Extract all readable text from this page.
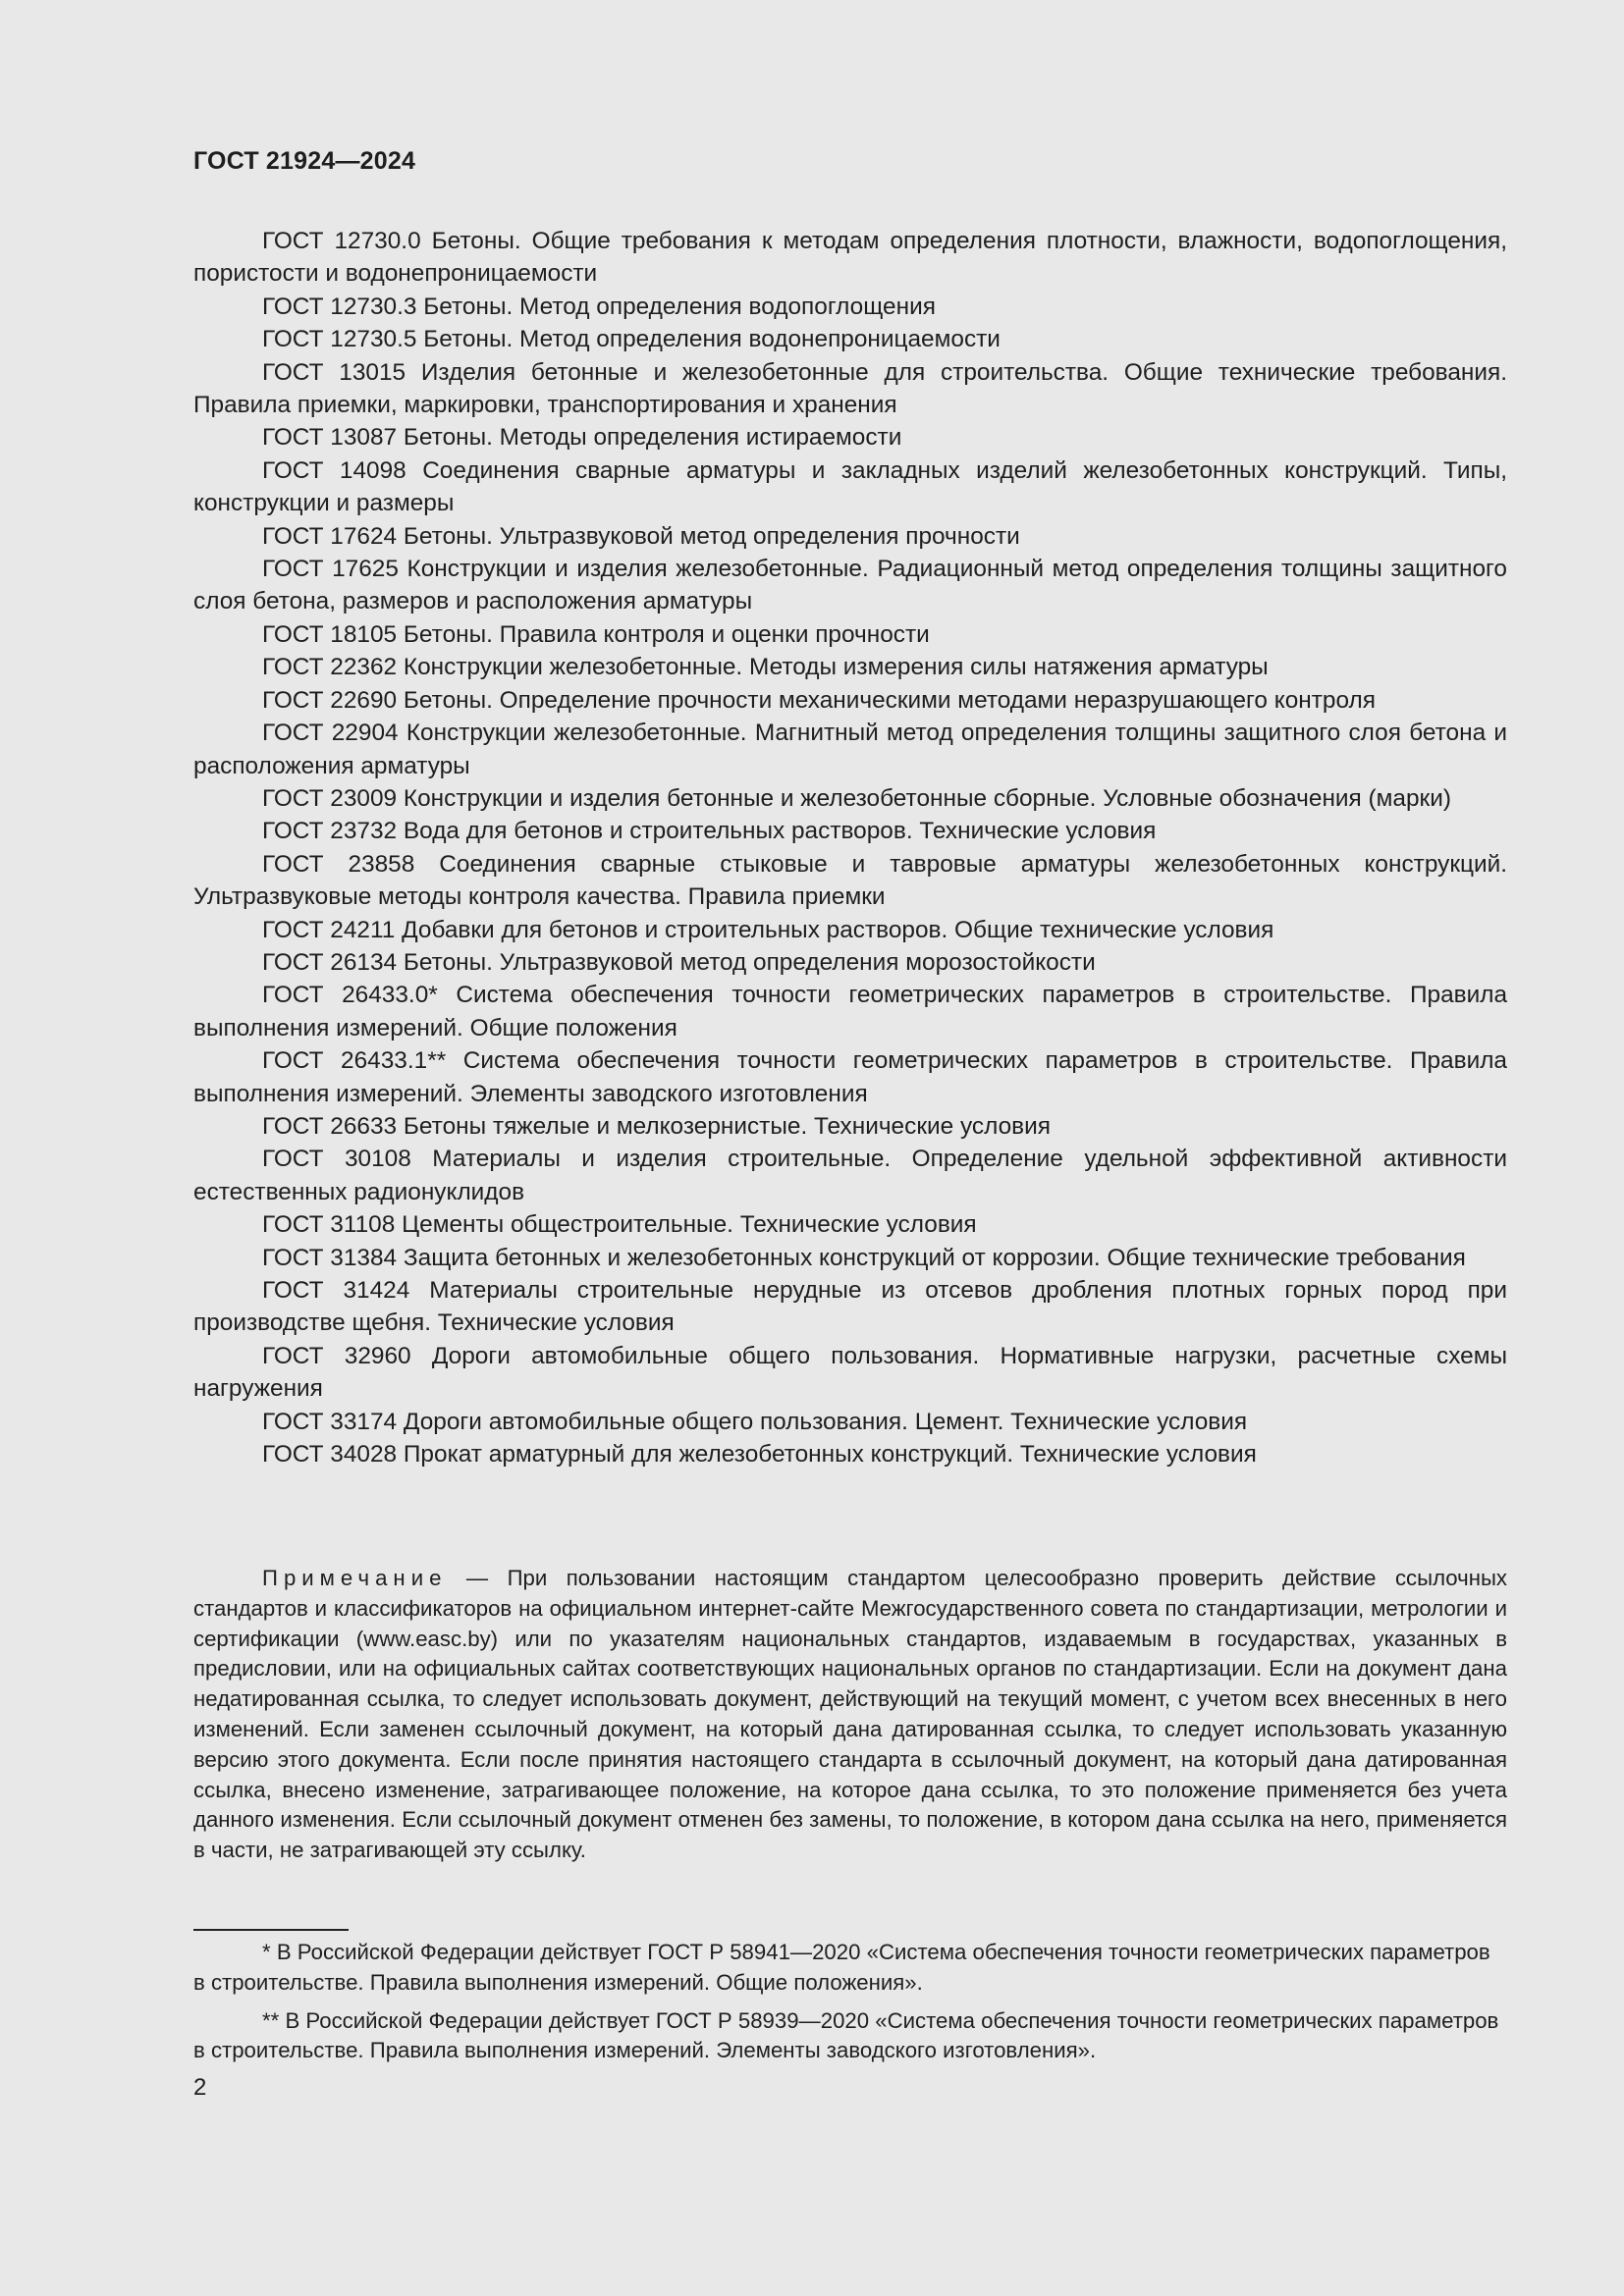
ГОСТ 21924—2024
ГОСТ 12730.0 Бетоны. Общие требования к методам определения плотности, влажности, водопоглощения, пористости и водонепроницаемости
ГОСТ 12730.3 Бетоны. Метод определения водопоглощения
ГОСТ 12730.5 Бетоны. Метод определения водонепроницаемости
ГОСТ 13015 Изделия бетонные и железобетонные для строительства. Общие технические требования. Правила приемки, маркировки, транспортирования и хранения
ГОСТ 13087 Бетоны. Методы определения истираемости
ГОСТ 14098 Соединения сварные арматуры и закладных изделий железобетонных конструкций. Типы, конструкции и размеры
ГОСТ 17624 Бетоны. Ультразвуковой метод определения прочности
ГОСТ 17625 Конструкции и изделия железобетонные. Радиационный метод определения толщины защитного слоя бетона, размеров и расположения арматуры
ГОСТ 18105 Бетоны. Правила контроля и оценки прочности
ГОСТ 22362 Конструкции железобетонные. Методы измерения силы натяжения арматуры
ГОСТ 22690 Бетоны. Определение прочности механическими методами неразрушающего контроля
ГОСТ 22904 Конструкции железобетонные. Магнитный метод определения толщины защитного слоя бетона и расположения арматуры
ГОСТ 23009 Конструкции и изделия бетонные и железобетонные сборные. Условные обозначения (марки)
ГОСТ 23732 Вода для бетонов и строительных растворов. Технические условия
ГОСТ 23858 Соединения сварные стыковые и тавровые арматуры железобетонных конструкций. Ультразвуковые методы контроля качества. Правила приемки
ГОСТ 24211 Добавки для бетонов и строительных растворов. Общие технические условия
ГОСТ 26134 Бетоны. Ультразвуковой метод определения морозостойкости
ГОСТ 26433.0* Система обеспечения точности геометрических параметров в строительстве. Правила выполнения измерений. Общие положения
ГОСТ 26433.1** Система обеспечения точности геометрических параметров в строительстве. Правила выполнения измерений. Элементы заводского изготовления
ГОСТ 26633 Бетоны тяжелые и мелкозернистые. Технические условия
ГОСТ 30108 Материалы и изделия строительные. Определение удельной эффективной активности естественных радионуклидов
ГОСТ 31108 Цементы общестроительные. Технические условия
ГОСТ 31384 Защита бетонных и железобетонных конструкций от коррозии. Общие технические требования
ГОСТ 31424 Материалы строительные нерудные из отсевов дробления плотных горных пород при производстве щебня. Технические условия
ГОСТ 32960 Дороги автомобильные общего пользования. Нормативные нагрузки, расчетные схемы нагружения
ГОСТ 33174 Дороги автомобильные общего пользования. Цемент. Технические условия
ГОСТ 34028 Прокат арматурный для железобетонных конструкций. Технические условия

Примечание — При пользовании настоящим стандартом целесообразно проверить действие ссылочных стандартов и классификаторов на официальном интернет-сайте Межгосударственного совета по стандартизации, метрологии и сертификации (www.easc.by) или по указателям национальных стандартов, издаваемым в государствах, указанных в предисловии, или на официальных сайтах соответствующих национальных органов по стандартизации. Если на документ дана недатированная ссылка, то следует использовать документ, действующий на текущий момент, с учетом всех внесенных в него изменений. Если заменен ссылочный документ, на который дана датированная ссылка, то следует использовать указанную версию этого документа. Если после принятия настоящего стандарта в ссылочный документ, на который дана датированная ссылка, внесено изменение, затрагивающее положение, на которое дана ссылка, то это положение применяется без учета данного изменения. Если ссылочный документ отменен без замены, то положение, в котором дана ссылка на него, применяется в части, не затрагивающей эту ссылку.

* В Российской Федерации действует ГОСТ Р 58941—2020 «Система обеспечения точности геометрических параметров в строительстве. Правила выполнения измерений. Общие положения».

** В Российской Федерации действует ГОСТ Р 58939—2020 «Система обеспечения точности геометрических параметров в строительстве. Правила выполнения измерений. Элементы заводского изготовления».

2
